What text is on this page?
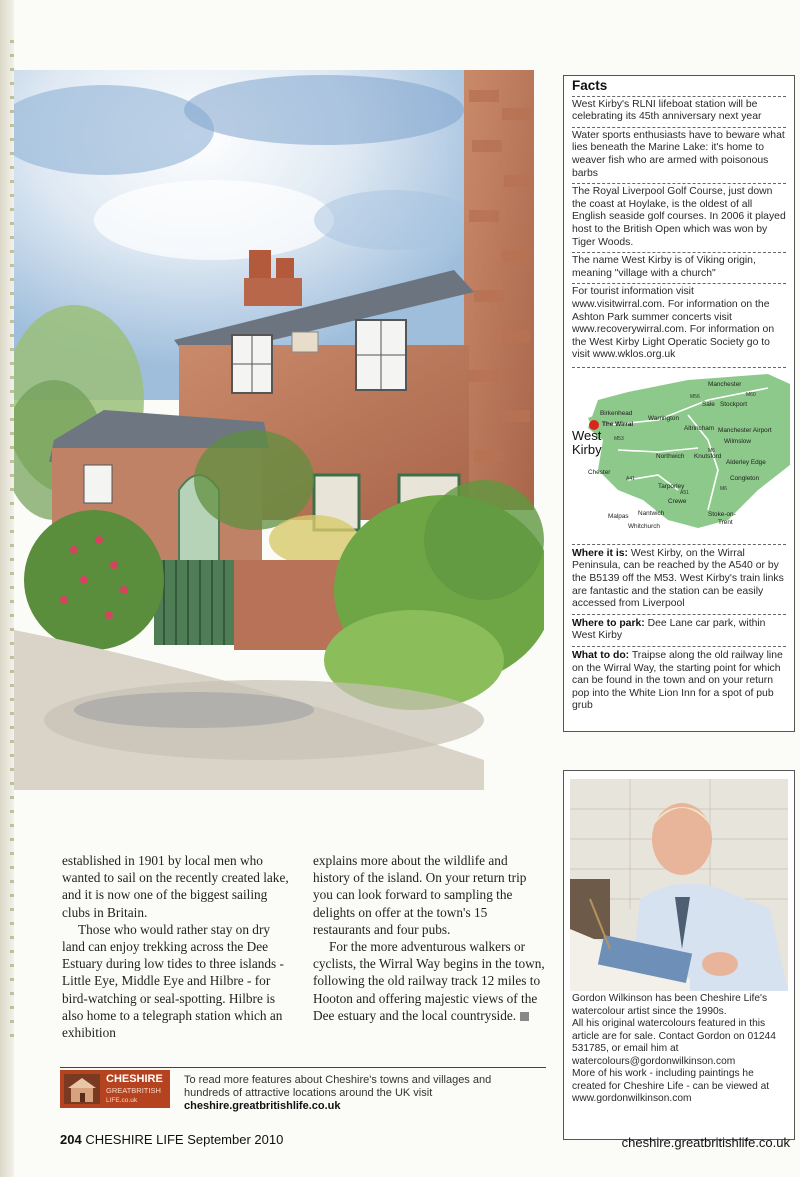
Facts
West Kirby's RLNI lifeboat station will be celebrating its 45th anniversary next year
Water sports enthusiasts have to beware what lies beneath the Marine Lake: it's home to weaver fish who are armed with poisonous barbs
The Royal Liverpool Golf Course, just down the coast at Hoylake, is the oldest of all English seaside golf courses. In 2006 it played host to the British Open which was won by Tiger Woods.
The name West Kirby is of Viking origin, meaning "village with a church"
For tourist information visit www.visitwirral.com. For information on the Ashton Park summer concerts visit www.recoverywirral.com. For information on the West Kirby Light Operatic Society go to visit www.wklos.org.uk
Manchester
Birkenhead
Sale Stockport
Warrington
The Wirral
Altrincham Manchester Airport
Wilmslow
Northwich Knutsford
Alderley Edge
Chester
Congleton
Tarporley
Crewe
Malpas Nantwich	Stoke-on-
Trent
Whitchurch
M56	M60
M6
M53
A41
A51
M6
West
Kirby
Where it is: West Kirby, on the Wirral Peninsula, can be reached by the A540 or by the B5139 off the M53. West Kirby's train links are fantastic and the station can be easily accessed from Liverpool
Where to park: Dee Lane car park, within West Kirby
What to do: Traipse along the old railway line on the Wirral Way, the starting point for which can be found in the town and on your return pop into the White Lion Inn for a spot of pub grub
Gordon Wilkinson has been Cheshire Life's watercolour artist since the 1990s.
All his original watercolours featured in this article are for sale. Contact Gordon on 01244 531785, or email him at watercolours@gordonwilkinson.com
More of his work - including paintings he created for Cheshire Life - can be viewed at www.gordonwilkinson.com

established in 1901 by local men who wanted to sail on the recently created lake, and it is now one of the biggest sailing clubs in Britain.

Those who would rather stay on dry land can enjoy trekking across the Dee Estuary during low tides to three islands - Little Eye, Middle Eye and Hilbre - for bird-watching or seal-spotting. Hilbre is also home to a telegraph station which an exhibition

explains more about the wildlife and history of the island. On your return trip you can look forward to sampling the delights on offer at the town's 15 restaurants and four pubs.

For the more adventurous walkers or cyclists, the Wirral Way begins in the town, following the old railway track 12 miles to Hooton and offering majestic views of the Dee estuary and the local countryside.

CHESHIRE
GREATBRITISH
LIFE.co.uk
To read more features about Cheshire's towns and villages and hundreds of attractive locations around the UK visit
cheshire.greatbritishlife.co.uk
204 CHESHIRE LIFE September 2010	cheshire.greatbritishlife.co.uk
